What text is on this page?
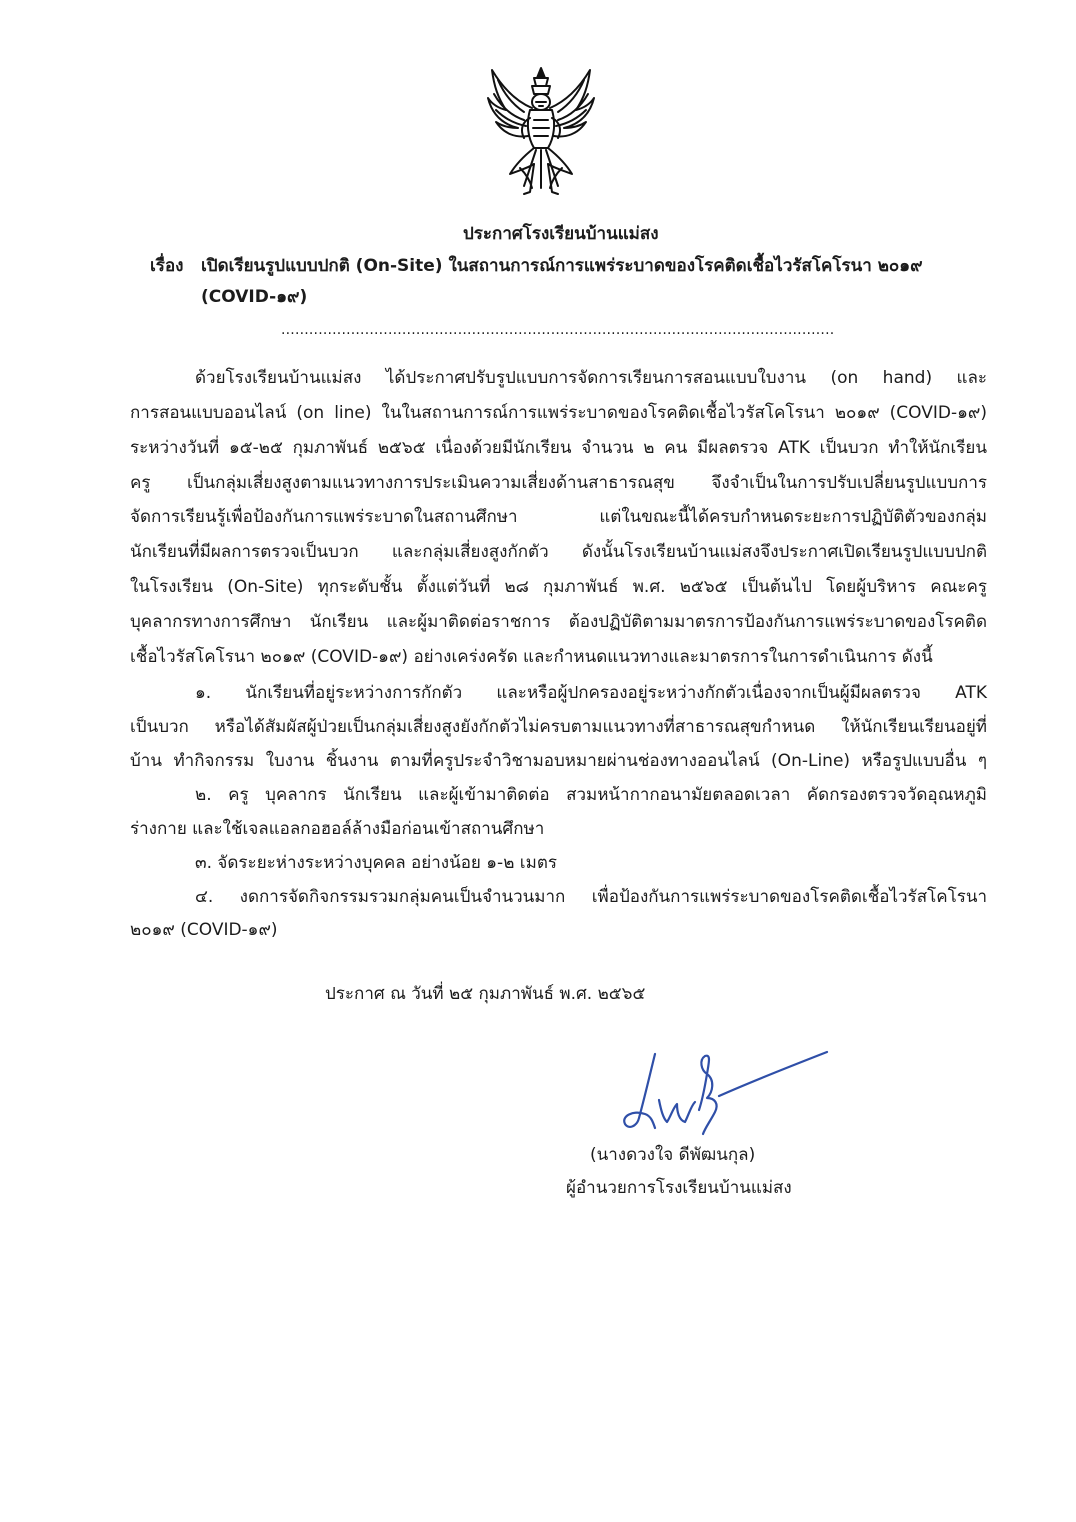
ประกาศโรงเรียนบ้านแม่สง
เรื่อง เปิดเรียนรูปแบบปกติ (On-Site) ในสถานการณ์การแพร่ระบาดของโรคติดเชื้อไวรัสโคโรนา ๒๐๑๙
(COVID-๑๙)
.......................................................................................................................
ด้วยโรงเรียนบ้านแม่สง ได้ประกาศปรับรูปแบบการจัดการเรียนการสอนแบบใบงาน (on hand) และ
การสอนแบบออนไลน์ (on line) ในในสถานการณ์การแพร่ระบาดของโรคติดเชื้อไวรัสโคโรนา ๒๐๑๙ (COVID-๑๙)
ระหว่างวันที่ ๑๕-๒๕ กุมภาพันธ์ ๒๕๖๕ เนื่องด้วยมีนักเรียน จำนวน ๒ คน มีผลตรวจ ATK เป็นบวก ทำให้นักเรียน
ครู เป็นกลุ่มเสี่ยงสูงตามแนวทางการประเมินความเสี่ยงด้านสาธารณสุข จึงจำเป็นในการปรับเปลี่ยนรูปแบบการ
จัดการเรียนรู้เพื่อป้องกันการแพร่ระบาดในสถานศึกษา แต่ในขณะนี้ได้ครบกำหนดระยะการปฏิบัติตัวของกลุ่ม
นักเรียนที่มีผลการตรวจเป็นบวก และกลุ่มเสี่ยงสูงกักตัว ดังนั้นโรงเรียนบ้านแม่สงจึงประกาศเปิดเรียนรูปแบบปกติ
ในโรงเรียน (On-Site) ทุกระดับชั้น ตั้งแต่วันที่ ๒๘ กุมภาพันธ์ พ.ศ. ๒๕๖๕ เป็นต้นไป โดยผู้บริหาร คณะครู
บุคลากรทางการศึกษา นักเรียน และผู้มาติดต่อราชการ ต้องปฏิบัติตามมาตรการป้องกันการแพร่ระบาดของโรคติด
เชื้อไวรัสโคโรนา ๒๐๑๙ (COVID-๑๙) อย่างเคร่งครัด และกำหนดแนวทางและมาตรการในการดำเนินการ ดังนี้
๑. นักเรียนที่อยู่ระหว่างการกักตัว และหรือผู้ปกครองอยู่ระหว่างกักตัวเนื่องจากเป็นผู้มีผลตรวจ ATK
เป็นบวก หรือได้สัมผัสผู้ป่วยเป็นกลุ่มเสี่ยงสูงยังกักตัวไม่ครบตามแนวทางที่สาธารณสุขกำหนด ให้นักเรียนเรียนอยู่ที่
บ้าน ทำกิจกรรม ใบงาน ชิ้นงาน ตามที่ครูประจำวิชามอบหมายผ่านช่องทางออนไลน์ (On-Line) หรือรูปแบบอื่น ๆ
๒. ครู บุคลากร นักเรียน และผู้เข้ามาติดต่อ สวมหน้ากากอนามัยตลอดเวลา คัดกรองตรวจวัดอุณหภูมิ
ร่างกาย และใช้เจลแอลกอฮอล์ล้างมือก่อนเข้าสถานศึกษา
๓. จัดระยะห่างระหว่างบุคคล อย่างน้อย ๑-๒ เมตร
๔. งดการจัดกิจกรรมรวมกลุ่มคนเป็นจำนวนมาก เพื่อป้องกันการแพร่ระบาดของโรคติดเชื้อไวรัสโคโรนา
๒๐๑๙ (COVID-๑๙)
ประกาศ ณ วันที่ ๒๕ กุมภาพันธ์ พ.ศ. ๒๕๖๕
(นางดวงใจ ดีพัฒนกุล)
ผู้อำนวยการโรงเรียนบ้านแม่สง
